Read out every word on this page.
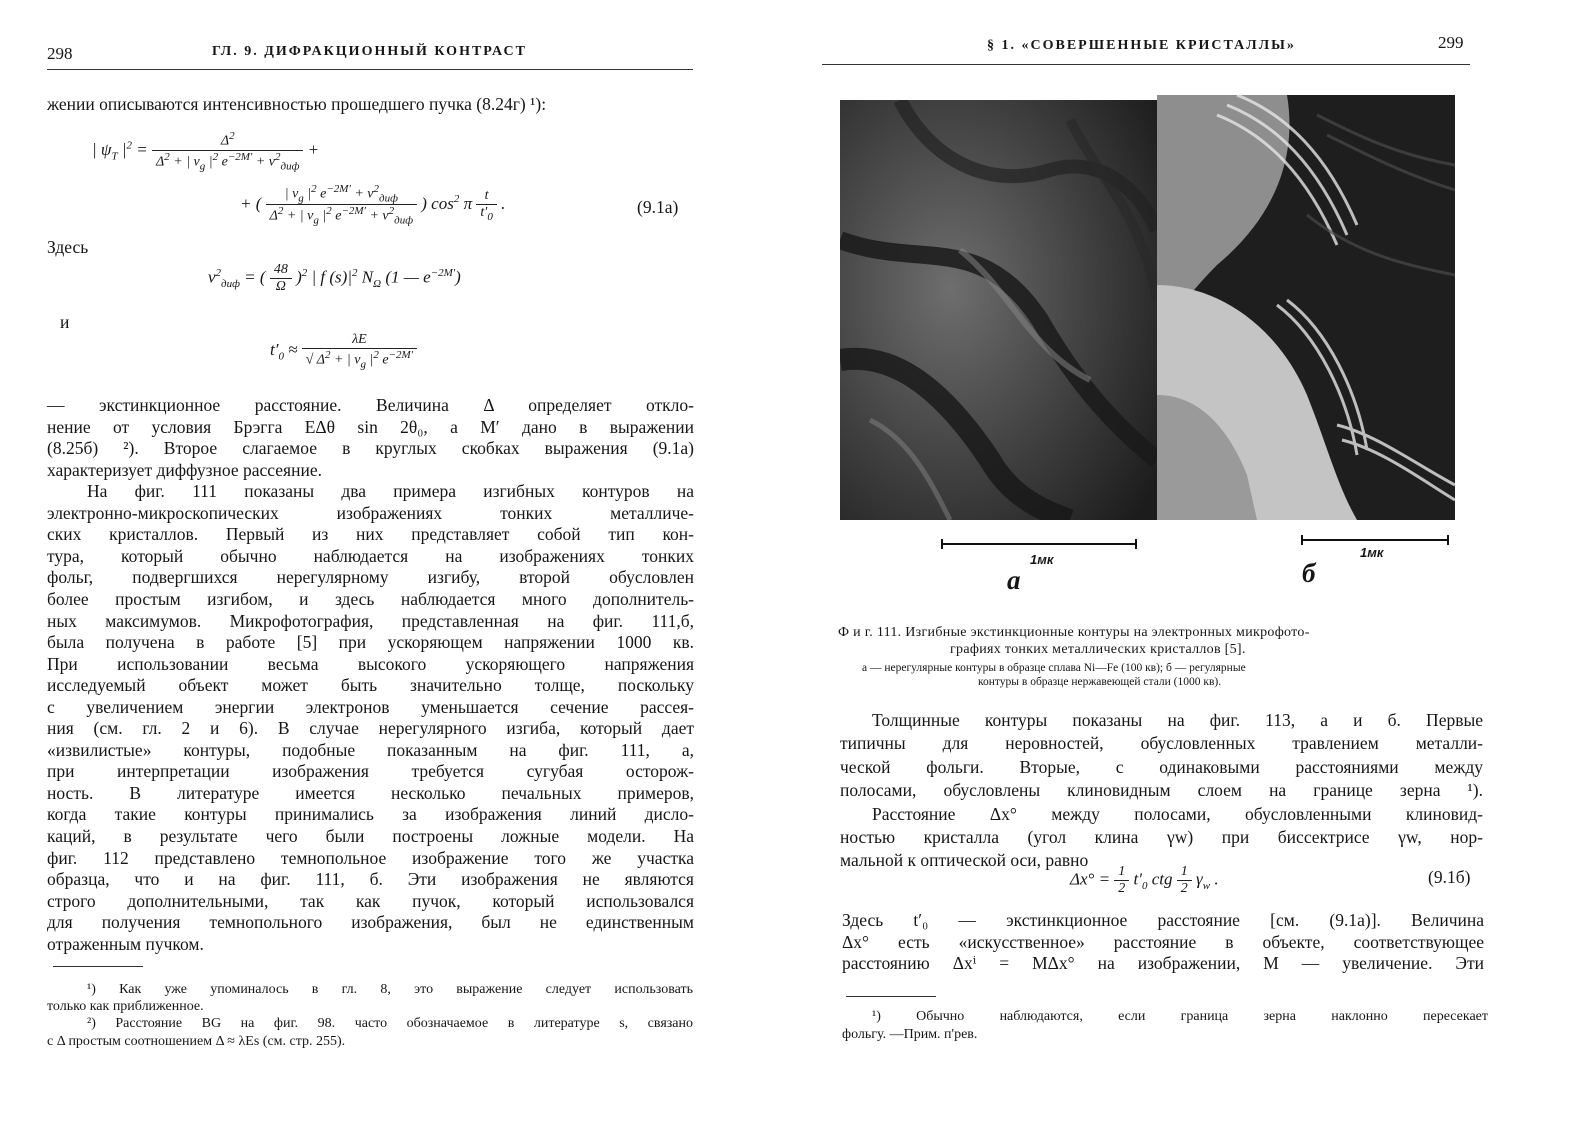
298	ГЛ. 9. ДИФРАКЦИОННЫЙ КОНТРАСТ
жении описываются интенсивностью прошедшего пучка (8.24г) ¹):
| $\psi_T$ $|^2 = \frac{\Delta^2}{\Delta^2 + | v_g |^2 e^{-2M'} + v^2_{диф}}$ +
+ ( $\frac{| v_g |^2 e^{-2M'} + v^2_{диф}}{\Delta^2 + | v_g |^2 e^{-2M'} + v^2_{диф}}$ ) $\cos^2 \pi \frac{t}{t'_0}$ .	(9.1а)
Здесь
$v^2_{диф}$ = ( $\frac{48}{\Omega} )^2$ | f $(s)|^2$ $N_\Omega$ (1 — $e^{-2M'}$)
и
$t'_0 \approx \frac{\lambda E}{√ \Delta^2 + | v_g |^2 e^{-2M'}}$
— экстинкционное расстояние. Величина Δ определяет откло-
нение от условия Брэгга EΔθ sin 2θ₀, а M′ дано в выражении
(8.25б) ²). Второе слагаемое в круглых скобках выражения (9.1а)
характеризует диффузное рассеяние.
На фиг. 111 показаны два примера изгибных контуров на
электронно-микроскопических изображениях тонких металличе-
ских кристаллов. Первый из них представляет собой тип кон-
тура, который обычно наблюдается на изображениях тонких
фольг, подвергшихся нерегулярному изгибу, второй обусловлен
более простым изгибом, и здесь наблюдается много дополнитель-
ных максимумов. Микрофотография, представленная на фиг. 111,б,
была получена в работе [5] при ускоряющем напряжении 1000 кв.
При использовании весьма высокого ускоряющего напряжения
исследуемый объект может быть значительно толще, поскольку
с увеличением энергии электронов уменьшается сечение рассея-
ния (см. гл. 2 и 6). В случае нерегулярного изгиба, который дает
«извилистые» контуры, подобные показанным на фиг. 111, а,
при интерпретации изображения требуется сугубая осторож-
ность. В литературе имеется несколько печальных примеров,
когда такие контуры принимались за изображения линий дисло-
каций, в результате чего были построены ложные модели. На
фиг. 112 представлено темнопольное изображение того же участка
образца, что и на фиг. 111, б. Эти изображения не являются
строго дополнительными, так как пучок, который использовался
для получения темнопольного изображения, был не единственным
отраженным пучком.
¹) Как уже упоминалось в гл. 8, это выражение следует использовать
только как приближенное.
²) Расстояние BG на фиг. 98. часто обозначаемое в литературе s, связано
с Δ простым соотношением Δ ≈ λEs (см. стр. 255).
§ 1. «СОВЕРШЕННЫЕ КРИСТАЛЛЫ»	299
1мк	1мк
а	б
Ф и г. 111. Изгибные экстинкционные контуры на электронных микрофото-
графиях тонких металлических кристаллов [5].
а — нерегулярные контуры в образце сплава Ni—Fe (100 кв); б — регулярные
контуры в образце нержавеющей стали (1000 кв).
Толщинные контуры показаны на фиг. 113, а и б. Первые
типичны для неровностей, обусловленных травлением металли-
ческой фольги. Вторые, с одинаковыми расстояниями между
полосами, обусловлены клиновидным слоем на границе зерна ¹).
Расстояние Δx° между полосами, обусловленными клиновид-
ностью кристалла (угол клина γw) при биссектрисе γw, нор-
мальной к оптической оси, равно
$\Delta x^\circ = \frac{1}{2} t'_0$ ctg $\frac{1}{2} \gamma_w$ .	(9.1б)
Здесь t′₀ — экстинкционное расстояние [см. (9.1а)]. Величина
Δx° есть «искусственное» расстояние в объекте, соответствующее
расстоянию Δxⁱ = MΔx° на изображении, M — увеличение. Эти
¹) Обычно наблюдаются, если граница зерна наклонно пересекает
фольгу. —Прим. п'рев.
